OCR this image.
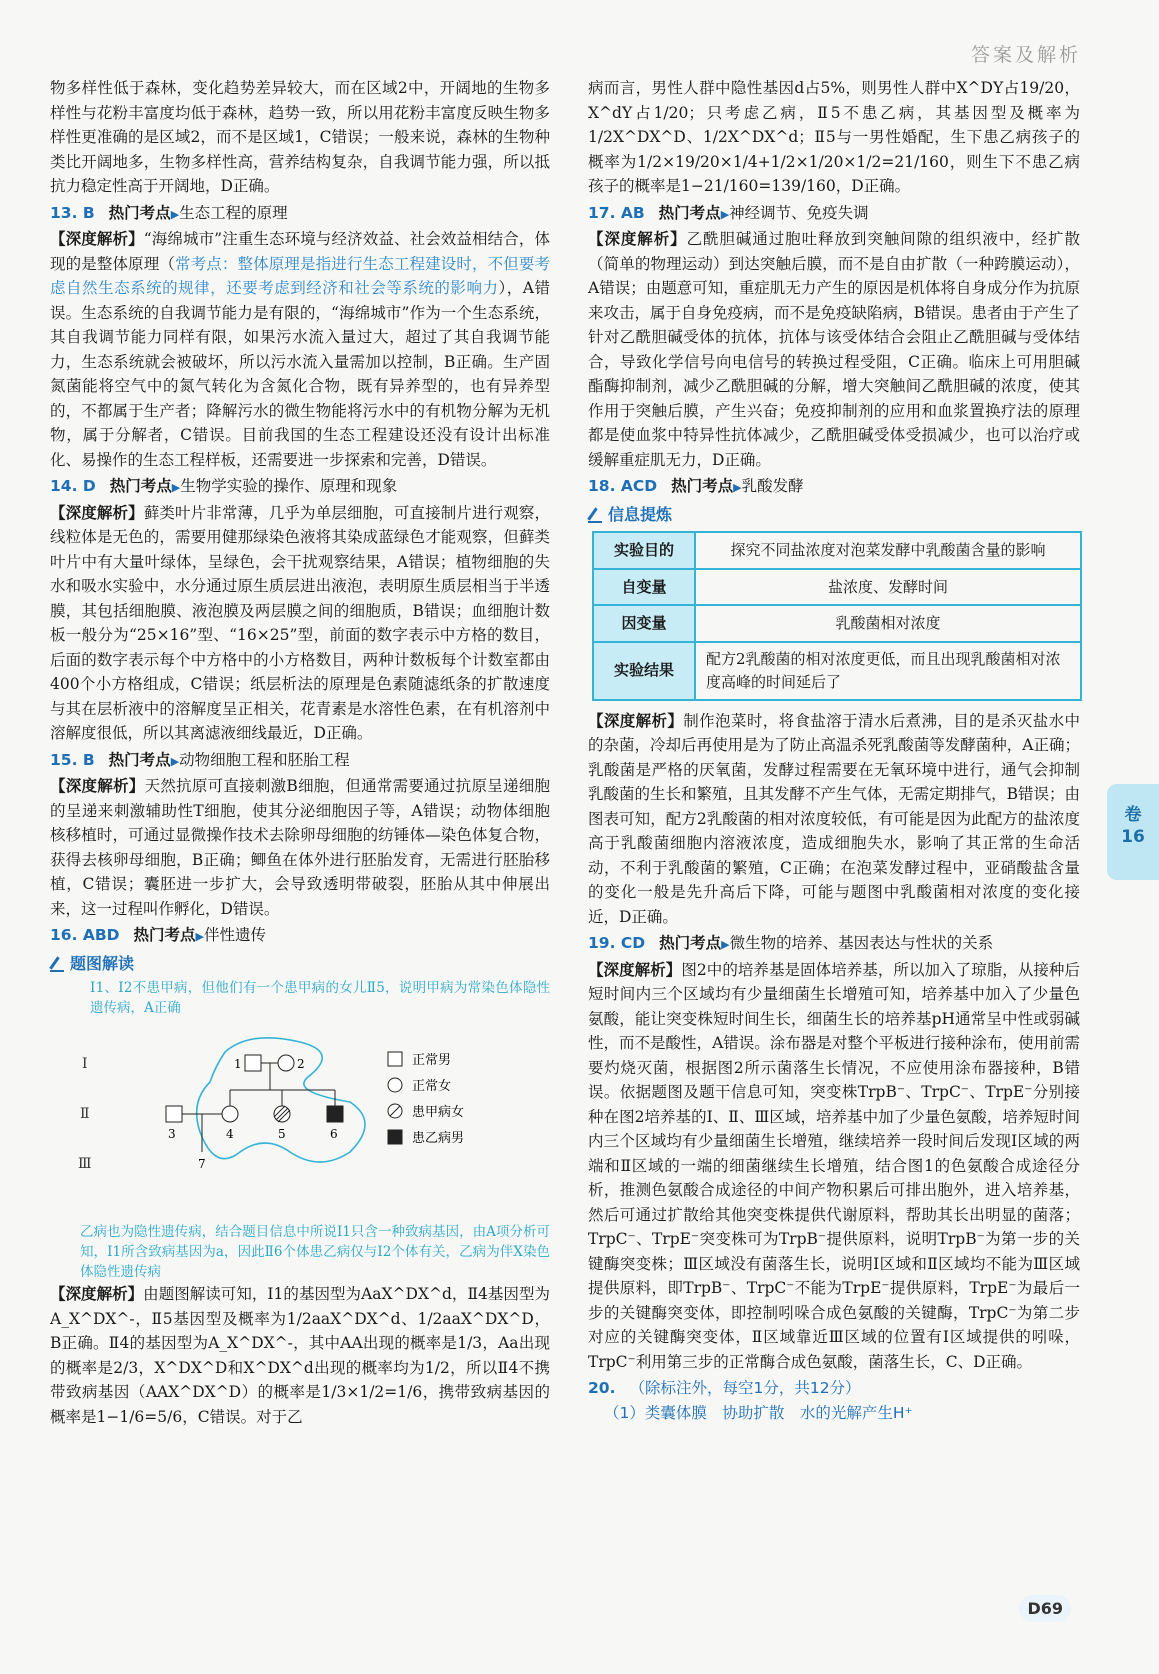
答案及解析
物多样性低于森林，变化趋势差异较大，而在区域2中，开阔地的生物多样性与花粉丰富度均低于森林，趋势一致，所以用花粉丰富度反映生物多样性更准确的是区域2，而不是区域1，C错误；一般来说，森林的生物种类比开阔地多，生物多样性高，营养结构复杂，自我调节能力强，所以抵抗力稳定性高于开阔地，D正确。
13. B 热门考点▶生态工程的原理
【深度解析】“海绵城市”注重生态环境与经济效益、社会效益相结合，体现的是整体原理（常考点：整体原理是指进行生态工程建设时，不但要考虑自然生态系统的规律，还要考虑到经济和社会等系统的影响力），A错误。生态系统的自我调节能力是有限的，“海绵城市”作为一个生态系统，其自我调节能力同样有限，如果污水流入量过大，超过了其自我调节能力，生态系统就会被破坏，所以污水流入量需加以控制，B正确。生产固氮菌能将空气中的氮气转化为含氮化合物，既有异养型的，也有异养型的，不都属于生产者；降解污水的微生物能将污水中的有机物分解为无机物，属于分解者，C错误。目前我国的生态工程建设还没有设计出标准化、易操作的生态工程样板，还需要进一步探索和完善，D错误。
14. D 热门考点▶生物学实验的操作、原理和现象
【深度解析】藓类叶片非常薄，几乎为单层细胞，可直接制片进行观察，线粒体是无色的，需要用健那绿染色液将其染成蓝绿色才能观察，但藓类叶片中有大量叶绿体，呈绿色，会干扰观察结果，A错误；植物细胞的失水和吸水实验中，水分通过原生质层进出液泡，表明原生质层相当于半透膜，其包括细胞膜、液泡膜及两层膜之间的细胞质，B错误；血细胞计数板一般分为“25×16”型、“16×25”型，前面的数字表示中方格的数目，后面的数字表示每个中方格中的小方格数目，两种计数板每个计数室都由400个小方格组成，C错误；纸层析法的原理是色素随滤纸条的扩散速度与其在层析液中的溶解度呈正相关，花青素是水溶性色素，在有机溶剂中溶解度很低，所以其离滤液细线最近，D正确。
15. B 热门考点▶动物细胞工程和胚胎工程
【深度解析】天然抗原可直接刺激B细胞，但通常需要通过抗原呈递细胞的呈递来刺激辅助性T细胞，使其分泌细胞因子等，A错误；动物体细胞核移植时，可通过显微操作技术去除卵母细胞的纺锤体—染色体复合物，获得去核卵母细胞，B正确；鲫鱼在体外进行胚胎发育，无需进行胚胎移植，C错误；囊胚进一步扩大，会导致透明带破裂，胚胎从其中伸展出来，这一过程叫作孵化，D错误。
16. ABD 热门考点▶伴性遗传
题图解读
Ⅰ1、Ⅰ2不患甲病，但他们有一个患甲病的女儿Ⅱ5，说明甲病为常染色体隐性遗传病，A正确
Ⅰ
Ⅱ
Ⅲ
1	2
3	4	5	6
7
正常男
正常女
患甲病女
患乙病男
乙病也为隐性遗传病，结合题目信息中所说Ⅰ1只含一种致病基因，由A项分析可知，Ⅰ1所含致病基因为a，因此Ⅱ6个体患乙病仅与Ⅰ2个体有关，乙病为伴X染色体隐性遗传病
【深度解析】由题图解读可知，Ⅰ1的基因型为AaX^DX^d，Ⅱ4基因型为A_X^DX^-，Ⅱ5基因型及概率为1/2aaX^DX^d、1/2aaX^DX^D，B正确。Ⅱ4的基因型为A_X^DX^-，其中AA出现的概率是1/3，Aa出现的概率是2/3，X^DX^D和X^DX^d出现的概率均为1/2，所以Ⅱ4不携带致病基因（AAX^DX^D）的概率是1/3×1/2=1/6，携带致病基因的概率是1−1/6=5/6，C错误。对于乙
病而言，男性人群中隐性基因d占5%，则男性人群中X^DY占19/20，X^dY占1/20；只考虑乙病，Ⅱ5不患乙病，其基因型及概率为1/2X^DX^D、1/2X^DX^d；Ⅱ5与一男性婚配，生下患乙病孩子的概率为1/2×19/20×1/4+1/2×1/20×1/2=21/160，则生下不患乙病孩子的概率是1−21/160=139/160，D正确。
17. AB 热门考点▶神经调节、免疫失调
【深度解析】乙酰胆碱通过胞吐释放到突触间隙的组织液中，经扩散（简单的物理运动）到达突触后膜，而不是自由扩散（一种跨膜运动），A错误；由题意可知，重症肌无力产生的原因是机体将自身成分作为抗原来攻击，属于自身免疫病，而不是免疫缺陷病，B错误。患者由于产生了针对乙酰胆碱受体的抗体，抗体与该受体结合会阻止乙酰胆碱与受体结合，导致化学信号向电信号的转换过程受阻，C正确。临床上可用胆碱酯酶抑制剂，减少乙酰胆碱的分解，增大突触间乙酰胆碱的浓度，使其作用于突触后膜，产生兴奋；免疫抑制剂的应用和血浆置换疗法的原理都是使血浆中特异性抗体减少，乙酰胆碱受体受损减少，也可以治疗或缓解重症肌无力，D正确。
18. ACD 热门考点▶乳酸发酵
信息提炼
实验目的	探究不同盐浓度对泡菜发酵中乳酸菌含量的影响
自变量	盐浓度、发酵时间
因变量	乳酸菌相对浓度
实验结果	配方2乳酸菌的相对浓度更低，而且出现乳酸菌相对浓度高峰的时间延后了
【深度解析】制作泡菜时，将食盐溶于清水后煮沸，目的是杀灭盐水中的杂菌，冷却后再使用是为了防止高温杀死乳酸菌等发酵菌种，A正确；乳酸菌是严格的厌氧菌，发酵过程需要在无氧环境中进行，通气会抑制乳酸菌的生长和繁殖，且其发酵不产生气体，无需定期排气，B错误；由图表可知，配方2乳酸菌的相对浓度较低，有可能是因为此配方的盐浓度高于乳酸菌细胞内溶液浓度，造成细胞失水，影响了其正常的生命活动，不利于乳酸菌的繁殖，C正确；在泡菜发酵过程中，亚硝酸盐含量的变化一般是先升高后下降，可能与题图中乳酸菌相对浓度的变化接近，D正确。
19. CD 热门考点▶微生物的培养、基因表达与性状的关系
【深度解析】图2中的培养基是固体培养基，所以加入了琼脂，从接种后短时间内三个区域均有少量细菌生长增殖可知，培养基中加入了少量色氨酸，能让突变株短时间生长，细菌生长的培养基pH通常呈中性或弱碱性，而不是酸性，A错误。涂布器是对整个平板进行接种涂布，使用前需要灼烧灭菌，根据图2所示菌落生长情况，不应使用涂布器接种，B错误。依据题图及题干信息可知，突变株TrpB⁻、TrpC⁻、TrpE⁻分别接种在图2培养基的Ⅰ、Ⅱ、Ⅲ区域，培养基中加了少量色氨酸，培养短时间内三个区域均有少量细菌生长增殖，继续培养一段时间后发现Ⅰ区域的两端和Ⅱ区域的一端的细菌继续生长增殖，结合图1的色氨酸合成途径分析，推测色氨酸合成途径的中间产物积累后可排出胞外，进入培养基，然后可通过扩散给其他突变株提供代谢原料，帮助其长出明显的菌落；TrpC⁻、TrpE⁻突变株可为TrpB⁻提供原料，说明TrpB⁻为第一步的关键酶突变株；Ⅲ区域没有菌落生长，说明Ⅰ区域和Ⅱ区域均不能为Ⅲ区域提供原料，即TrpB⁻、TrpC⁻不能为TrpE⁻提供原料，TrpE⁻为最后一步的关键酶突变体，即控制吲哚合成色氨酸的关键酶，TrpC⁻为第二步对应的关键酶突变体，Ⅱ区域靠近Ⅲ区域的位置有Ⅰ区域提供的吲哚，TrpC⁻利用第三步的正常酶合成色氨酸，菌落生长，C、D正确。
20. （除标注外，每空1分，共12分）
（1）类囊体膜　协助扩散　水的光解产生H⁺
卷
16
D69
